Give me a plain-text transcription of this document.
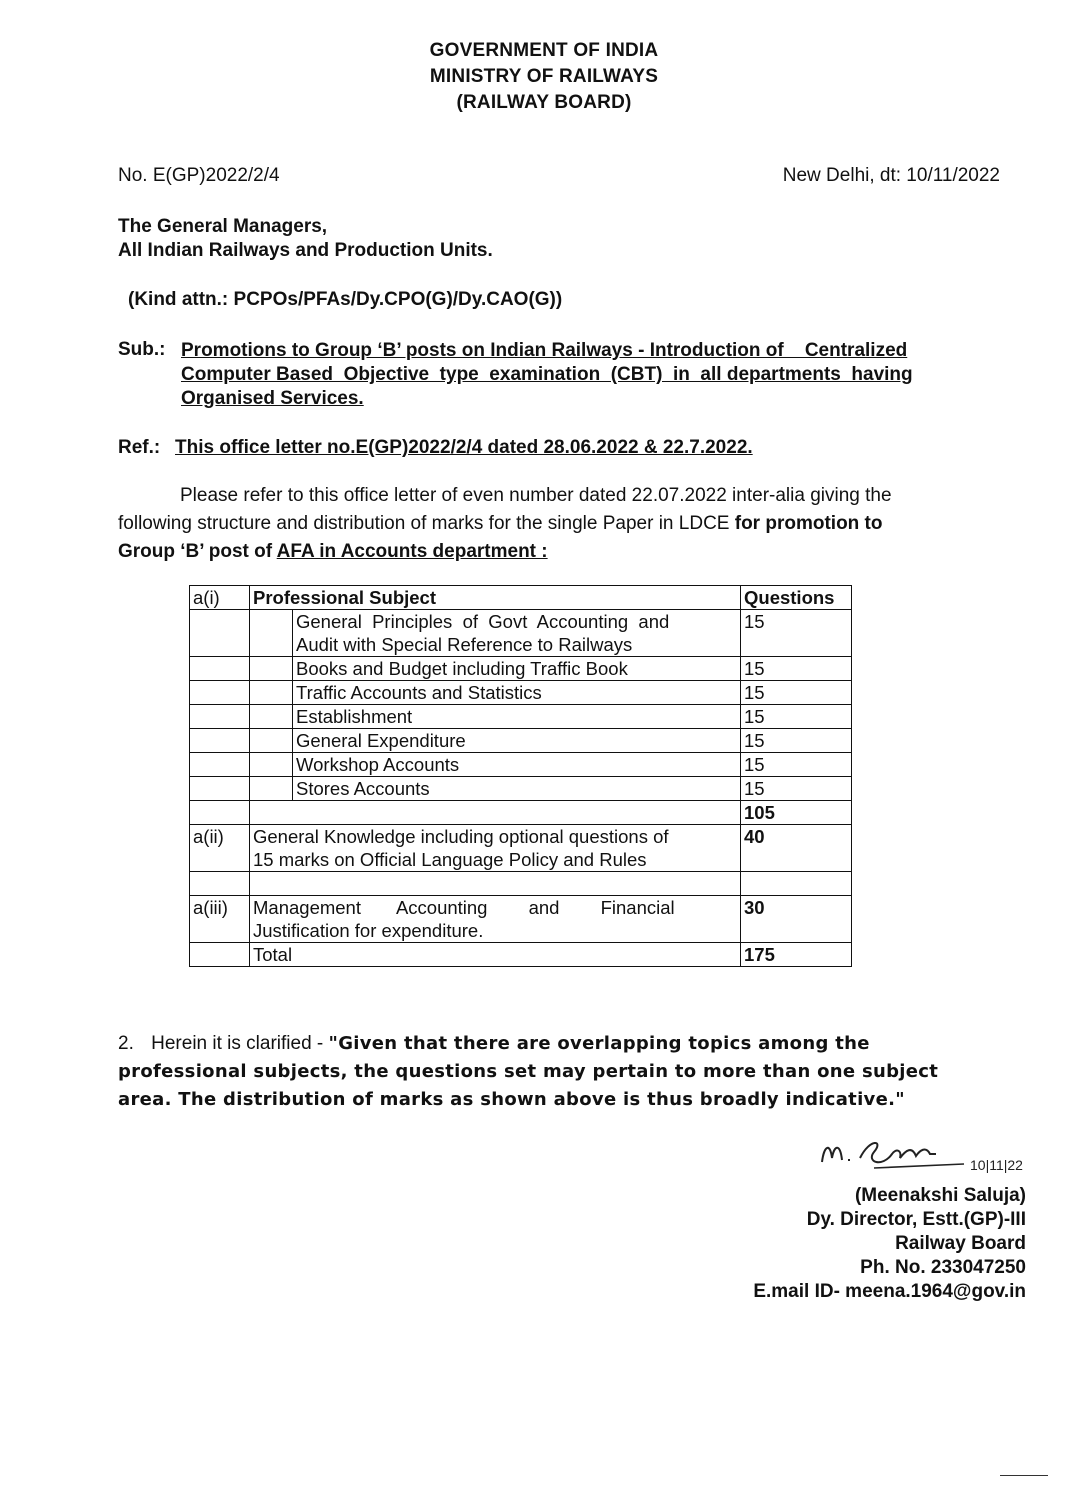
GOVERNMENT OF INDIA
MINISTRY OF RAILWAYS
(RAILWAY BOARD)
No. E(GP)2022/2/4	New Delhi, dt: 10/11/2022
The General Managers,
All Indian Railways and Production Units.
(Kind attn.: PCPOs/PFAs/Dy.CPO(G)/Dy.CAO(G))
Sub.: Promotions to Group ‘B’ posts on Indian Railways - Introduction of    Centralized
Computer Based  Objective  type  examination  (CBT)  in  all departments  having
Organised Services.
Ref.: This office letter no.E(GP)2022/2/4 dated 28.06.2022 & 22.7.2022.
Please refer to this office letter of even number dated 22.07.2022 inter-alia giving the
following structure and distribution of marks for the single Paper in LDCE for promotion to
Group ‘B’ post of AFA in Accounts department :
a(i)	Professional Subject		Questions

		General  Principles  of  Govt  Accounting  and
Audit with Special Reference to Railways	15
		Books and Budget including Traffic Book	15
		Traffic Accounts and Statistics	15
		Establishment	15
		General Expenditure	15
		Workshop Accounts	15
		Stores Accounts	15
			105
a(ii)	General Knowledge including optional questions of
15 marks on Official Language Policy and Rules		40

a(iii)	Management       Accounting        and        Financial
Justification for expenditure.		30
	Total		175
2. Herein it is clarified - "Given that there are overlapping topics among the
professional subjects, the questions set may pertain to more than one subject
area. The distribution of marks as shown above is thus broadly indicative."
10|11|22
(Meenakshi Saluja)
Dy. Director, Estt.(GP)-III
Railway Board
Ph. No. 233047250
E.mail ID- meena.1964@gov.in
